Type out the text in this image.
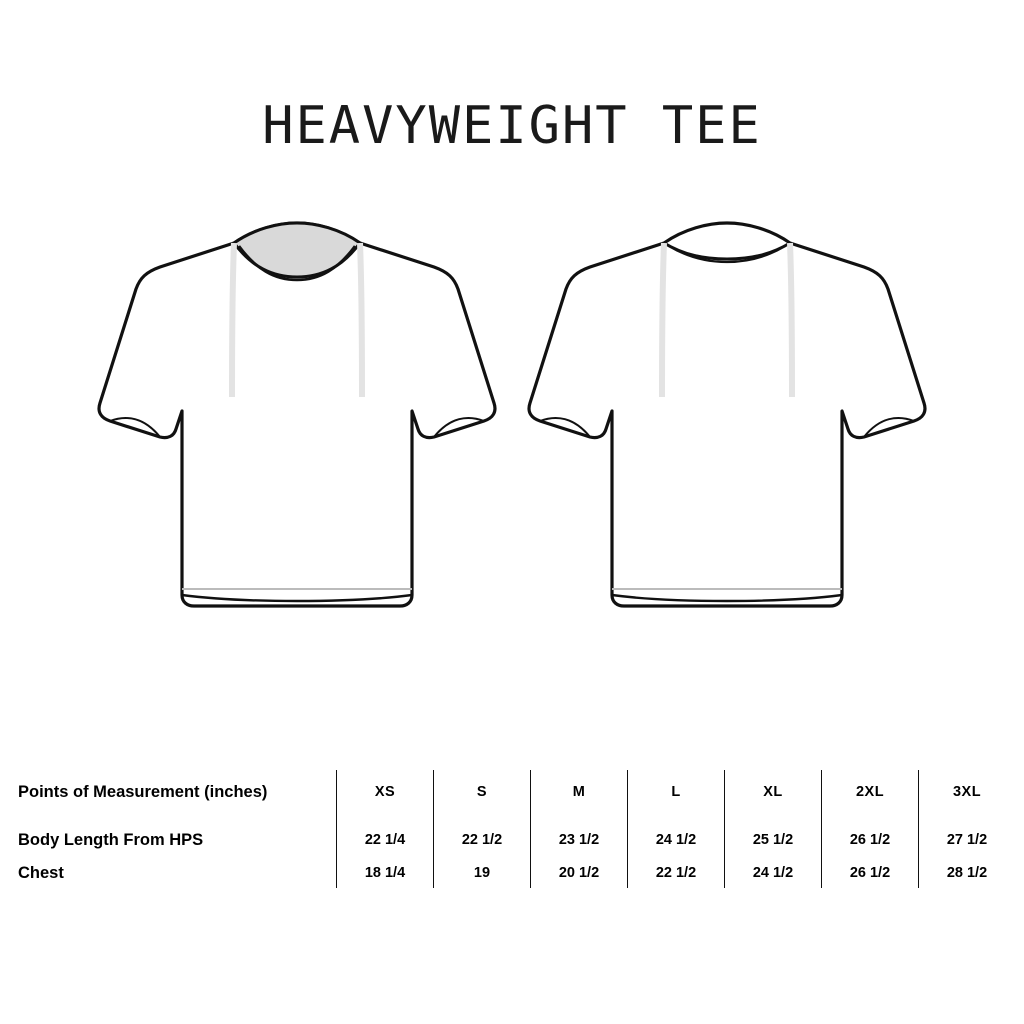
HEAVYWEIGHT TEE
Points of Measurement (inches)	XS	S	M	L	XL	2XL	3XL
Body Length From HPS	22 1/4	22 1/2	23 1/2	24 1/2	25 1/2	26 1/2	27 1/2
Chest	18 1/4	19	20 1/2	22 1/2	24 1/2	26 1/2	28 1/2
